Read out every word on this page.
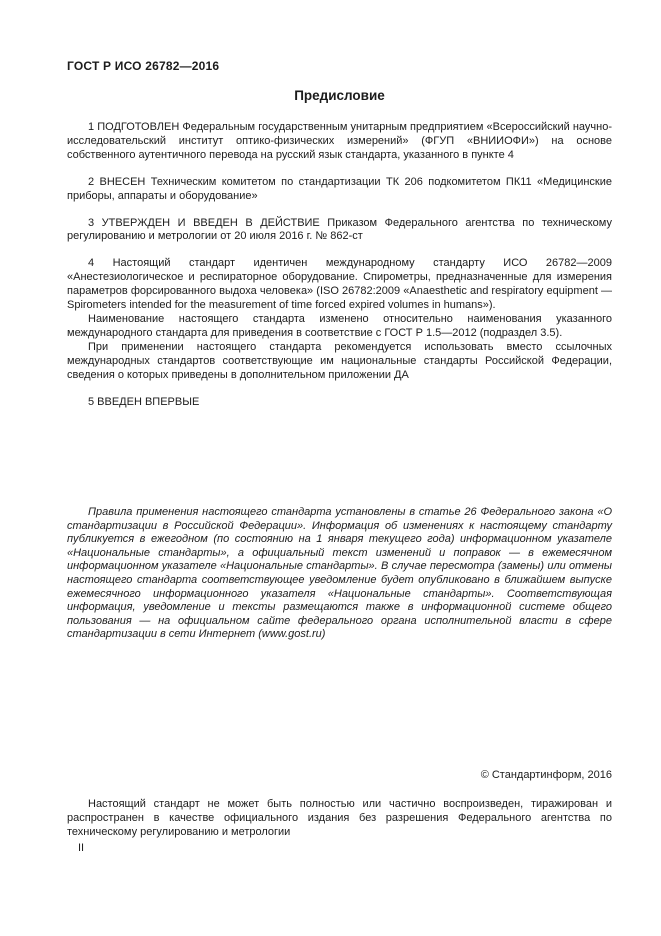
ГОСТ Р ИСО 26782—2016
Предисловие

1 ПОДГОТОВЛЕН Федеральным государственным унитарным предприятием «Всероссийский научно-исследовательский институт оптико-физических измерений» (ФГУП «ВНИИОФИ») на основе собственного аутентичного перевода на русский язык стандарта, указанного в пункте 4

2 ВНЕСЕН Техническим комитетом по стандартизации ТК 206 подкомитетом ПК11 «Медицинские приборы, аппараты и оборудование»

3 УТВЕРЖДЕН И ВВЕДЕН В ДЕЙСТВИЕ Приказом Федерального агентства по техническому регулированию и метрологии от 20 июля 2016 г. № 862-ст

4 Настоящий стандарт идентичен международному стандарту ИСО 26782—2009 «Анестезиологическое и респираторное оборудование. Спирометры, предназначенные для измерения параметров форсированного выдоха человека» (ISO 26782:2009 «Anaesthetic and respiratory equipment — Spirometers intended for the measurement of time forced expired volumes in humans»).

Наименование настоящего стандарта изменено относительно наименования указанного международного стандарта для приведения в соответствие с ГОСТ Р 1.5—2012 (подраздел 3.5).

При применении настоящего стандарта рекомендуется использовать вместо ссылочных международных стандартов соответствующие им национальные стандарты Российской Федерации, сведения о которых приведены в дополнительном приложении ДА

5 ВВЕДЕН ВПЕРВЫЕ

Правила применения настоящего стандарта установлены в статье 26 Федерального закона «О стандартизации в Российской Федерации». Информация об изменениях к настоящему стандарту публикуется в ежегодном (по состоянию на 1 января текущего года) информационном указателе «Национальные стандарты», а официальный текст изменений и поправок — в ежемесячном информационном указателе «Национальные стандарты». В случае пересмотра (замены) или отмены настоящего стандарта соответствующее уведомление будет опубликовано в ближайшем выпуске ежемесячного информационного указателя «Национальные стандарты». Соответствующая информация, уведомление и тексты размещаются также в информационной системе общего пользования — на официальном сайте федерального органа исполнительной власти в сфере стандартизации в сети Интернет (www.gost.ru)

© Стандартинформ, 2016

Настоящий стандарт не может быть полностью или частично воспроизведен, тиражирован и распространен в качестве официального издания без разрешения Федерального агентства по техническому регулированию и метрологии

II
